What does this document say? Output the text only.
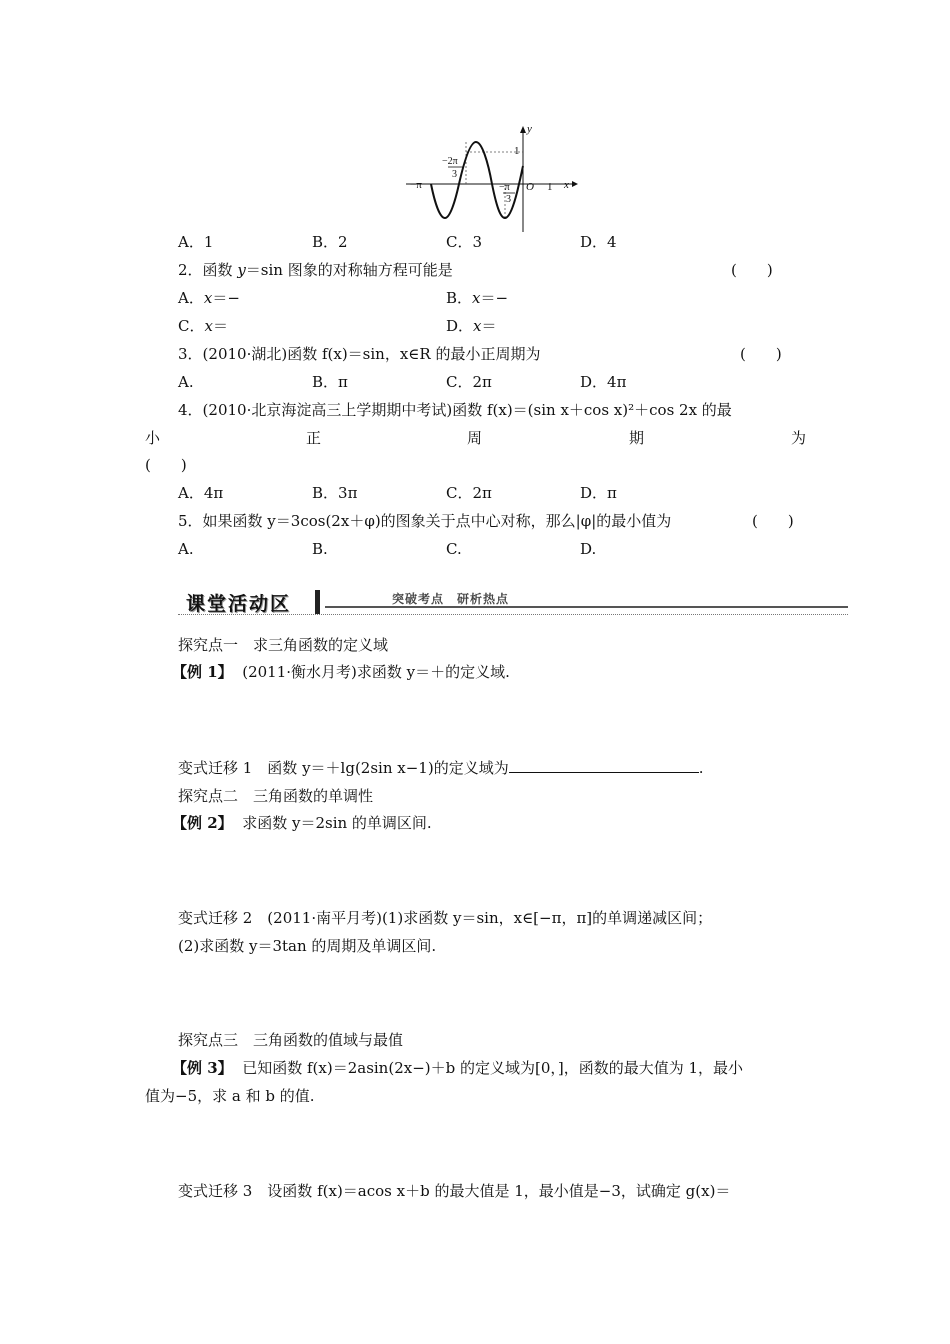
y
x
1
1
O
−π
−2π
3
−π
3
A．1	B．2	C．3	D．4
2．函数 y＝sin 图象的对称轴方程可能是	(　　)
A．x＝−	B．x＝−
C．x＝	D．x＝
3．(2010·湖北)函数 f(x)＝sin，x∈R 的最小正周期为	(　　)
A.	B．π	C．2π	D．4π
4．(2010·北京海淀高三上学期期中考试)函数 f(x)＝(sin x＋cos x)²＋cos 2x 的最
小	正	周	期	为
(　　)
A．4π	B．3π	C．2π	D．π
5．如果函数 y＝3cos(2x＋φ)的图象关于点中心对称，那么|φ|的最小值为	(　　)
A.	B.	C.	D.
课堂活动区	突破考点　研析热点
探究点一　求三角函数的定义域
【例 1】 (2011·衡水月考)求函数 y＝＋的定义域.
变式迁移 1　函数 y＝＋lg(2sin x−1)的定义域为	.
探究点二　三角函数的单调性
【例 2】 求函数 y＝2sin 的单调区间.
变式迁移 2　(2011·南平月考)(1)求函数 y＝sin，x∈[−π，π]的单调递减区间；
(2)求函数 y＝3tan 的周期及单调区间.
探究点三　三角函数的值域与最值
【例 3】 已知函数 f(x)＝2asin(2x−)＋b 的定义域为[0，]，函数的最大值为 1，最小
值为−5，求 a 和 b 的值.
变式迁移 3　设函数 f(x)＝acos x＋b 的最大值是 1，最小值是−3，试确定 g(x)＝
